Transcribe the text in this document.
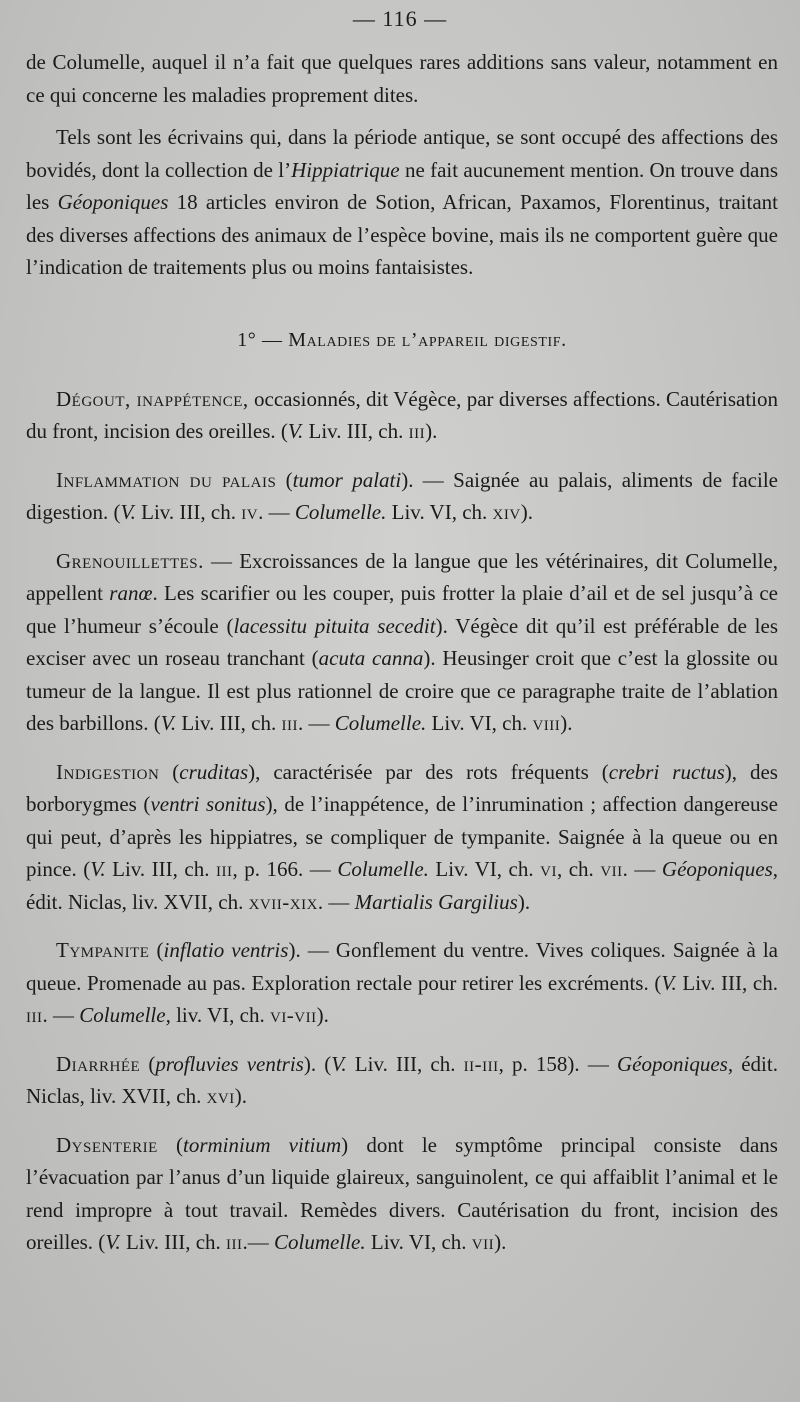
— 116 —

de Columelle, auquel il n’a fait que quelques rares additions sans valeur, notamment en ce qui concerne les maladies proprement dites.

Tels sont les écrivains qui, dans la période antique, se sont occupé des affections des bovidés, dont la collection de l’Hippiatrique ne fait aucunement mention. On trouve dans les Géoponiques 18 articles environ de Sotion, African, Paxamos, Florentinus, traitant des diverses affections des animaux de l’espèce bovine, mais ils ne comportent guère que l’indication de traitements plus ou moins fantaisistes.

1° — Maladies de l’appareil digestif.

Dégout, inappétence, occasionnés, dit Végèce, par diverses affections. Cautérisation du front, incision des oreilles. (V. Liv. III, ch. iii).

Inflammation du palais (tumor palati). — Saignée au palais, aliments de facile digestion. (V. Liv. III, ch. iv. — Columelle. Liv. VI, ch. xiv).

Grenouillettes. — Excroissances de la langue que les vétérinaires, dit Columelle, appellent ranœ. Les scarifier ou les couper, puis frotter la plaie d’ail et de sel jusqu’à ce que l’humeur s’écoule (lacessitu pituita secedit). Végèce dit qu’il est préférable de les exciser avec un roseau tranchant (acuta canna). Heusinger croit que c’est la glossite ou tumeur de la langue. Il est plus rationnel de croire que ce paragraphe traite de l’ablation des barbillons. (V. Liv. III, ch. iii. — Columelle. Liv. VI, ch. viii).

Indigestion (cruditas), caractérisée par des rots fréquents (crebri ructus), des borborygmes (ventri sonitus), de l’inappétence, de l’inrumination ; affection dangereuse qui peut, d’après les hippiatres, se compliquer de tympanite. Saignée à la queue ou en pince. (V. Liv. III, ch. iii, p. 166. — Columelle. Liv. VI, ch. vi, ch. vii. — Géoponiques, édit. Niclas, liv. XVII, ch. xvii-xix. — Martialis Gargilius).

Tympanite (inflatio ventris). — Gonflement du ventre. Vives coliques. Saignée à la queue. Promenade au pas. Exploration rectale pour retirer les excréments. (V. Liv. III, ch. iii. — Columelle, liv. VI, ch. vi-vii).

Diarrhée (profluvies ventris). (V. Liv. III, ch. ii-iii, p. 158). — Géoponiques, édit. Niclas, liv. XVII, ch. xvi).

Dysenterie (torminium vitium) dont le symptôme principal consiste dans l’évacuation par l’anus d’un liquide glaireux, sanguinolent, ce qui affaiblit l’animal et le rend impropre à tout travail. Remèdes divers. Cautérisation du front, incision des oreilles. (V. Liv. III, ch. iii.— Columelle. Liv. VI, ch. vii).
